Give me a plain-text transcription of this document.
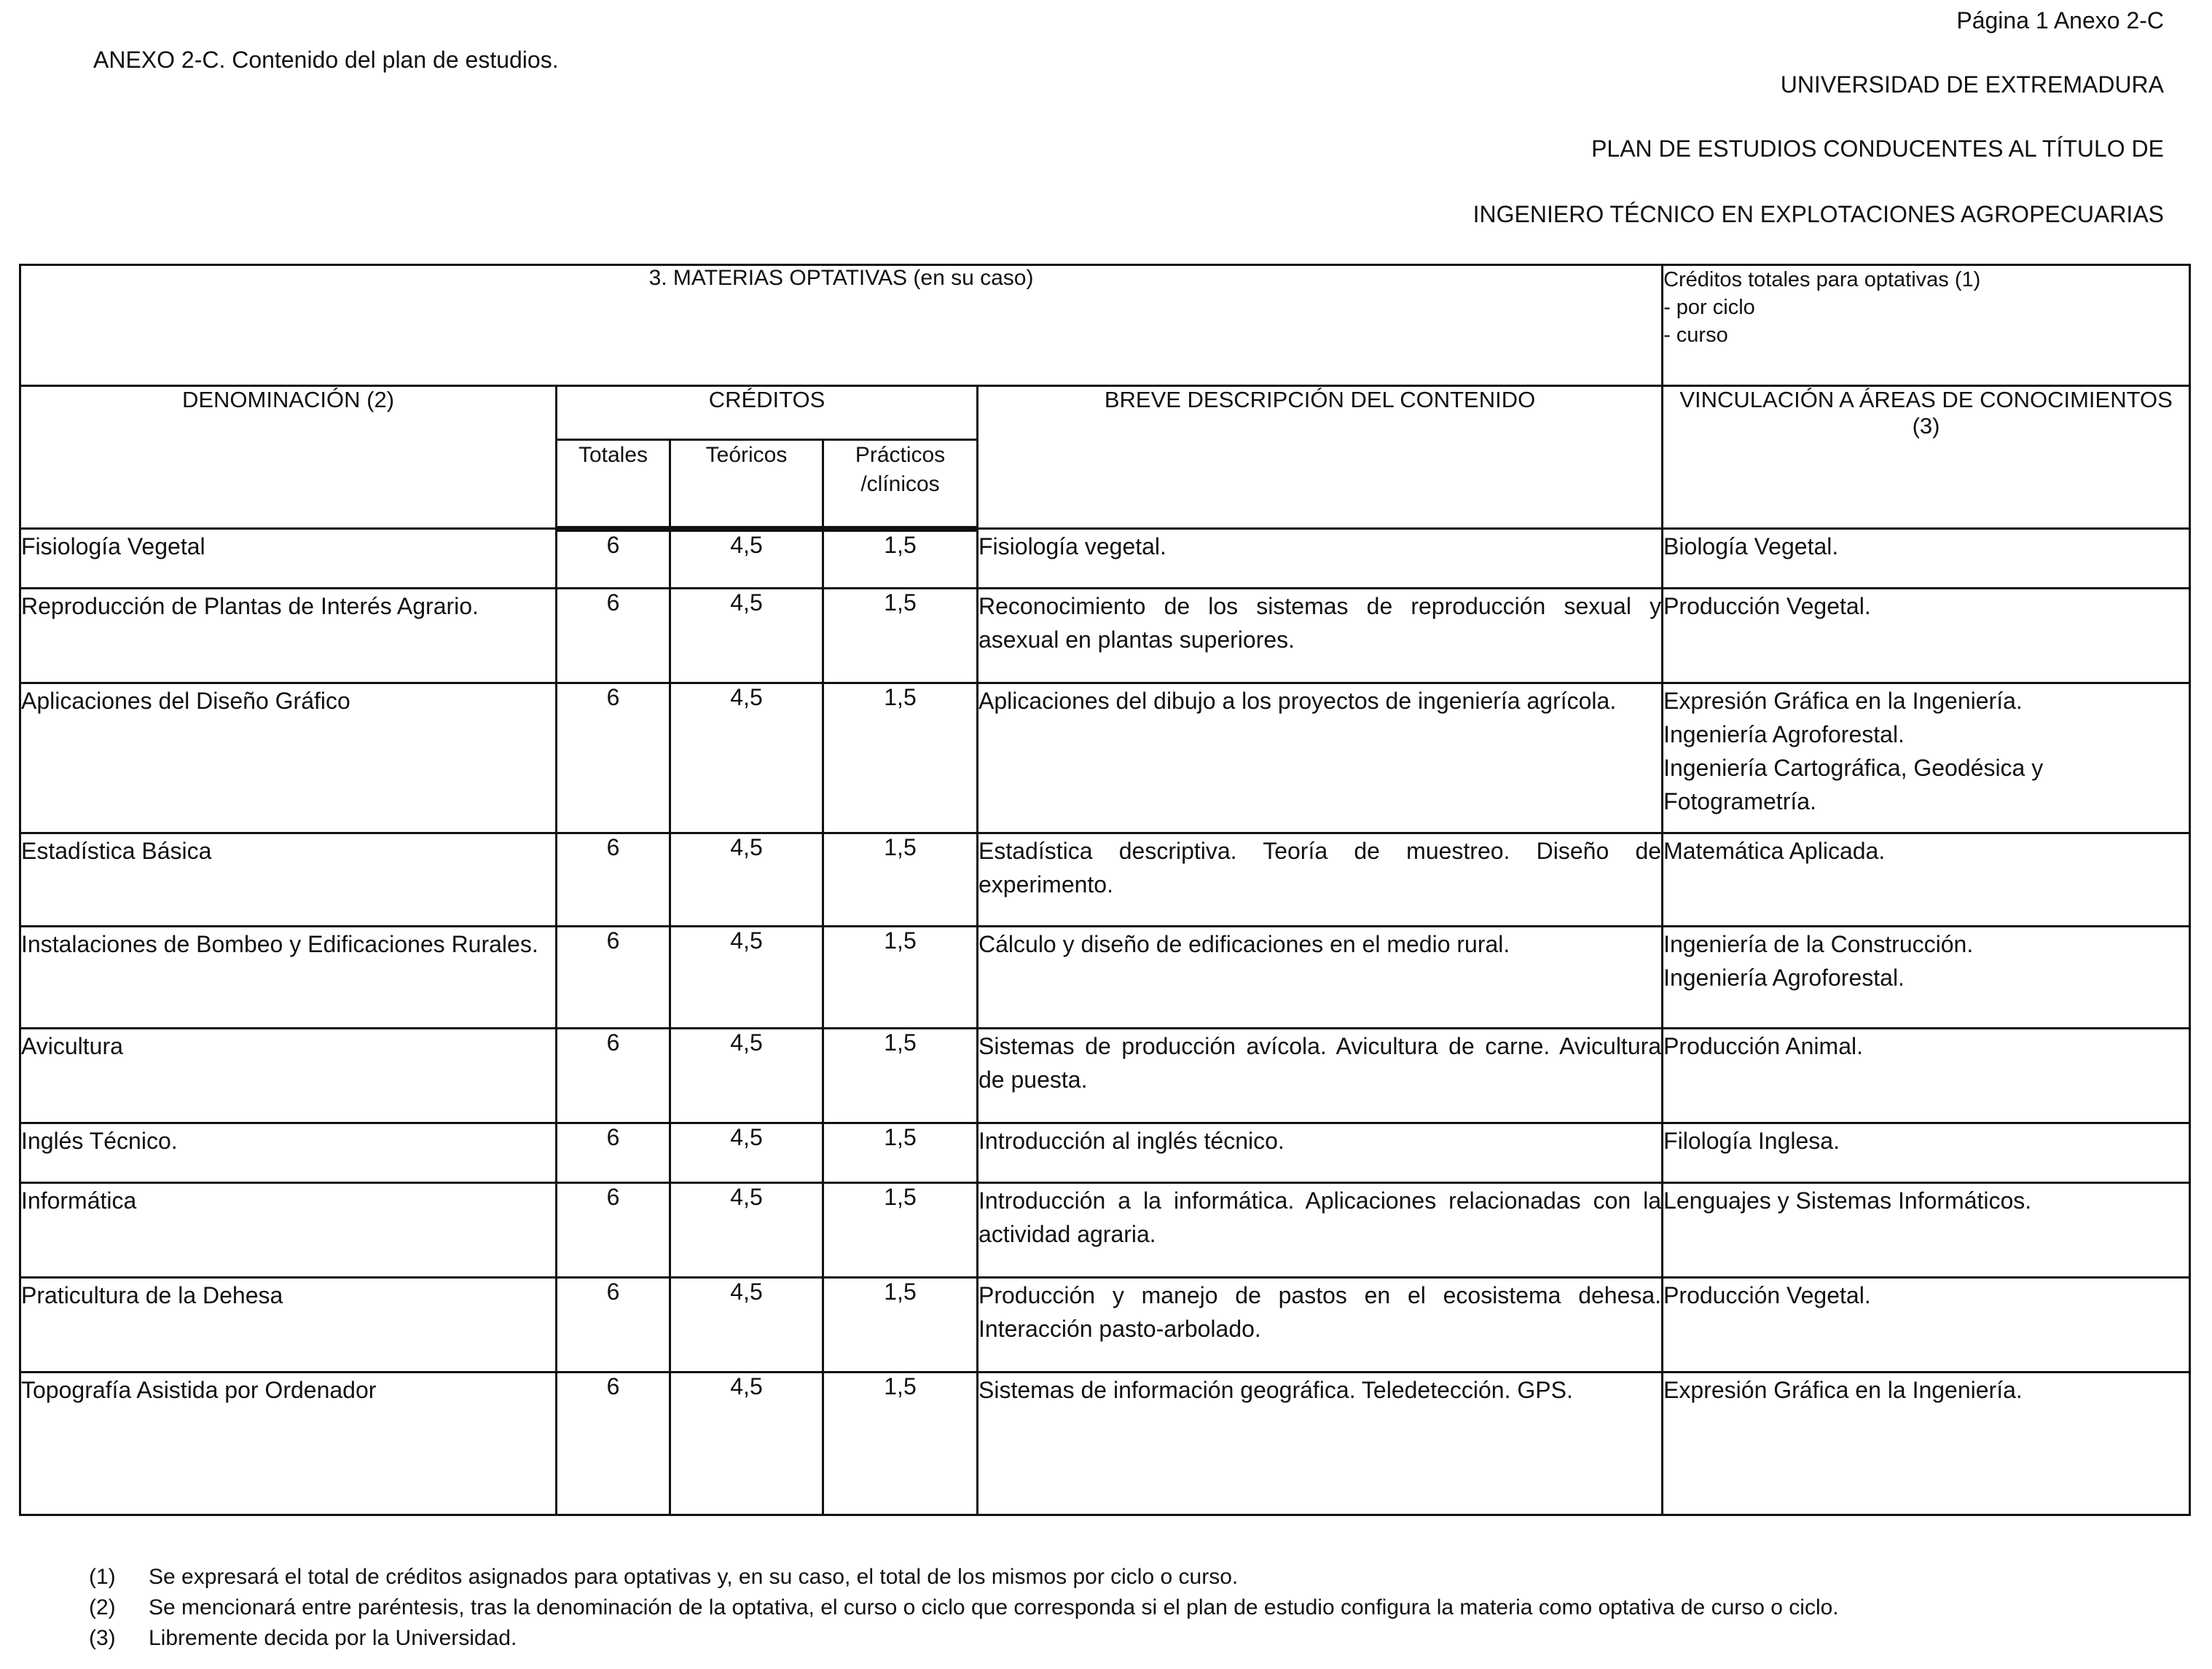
ANEXO 2-C. Contenido del plan de estudios.
Página 1 Anexo 2-C
UNIVERSIDAD DE EXTREMADURA
PLAN DE ESTUDIOS CONDUCENTES AL TÍTULO DE
INGENIERO TÉCNICO EN EXPLOTACIONES AGROPECUARIAS
3. MATERIAS OPTATIVAS (en su caso)					Créditos totales para optativas (1)
- por ciclo
- curso

DENOMINACIÓN (2)	CRÉDITOS			BREVE DESCRIPCIÓN DEL CONTENIDO	VINCULACIÓN A ÁREAS DE CONOCIMIENTOS (3)
	Totales	Teóricos	Prácticos
/clínicos		

Fisiología Vegetal	6	4,5	1,5	Fisiología vegetal.	Biología Vegetal.

Reproducción de Plantas de Interés Agrario.	6	4,5	1,5	Reconocimiento de los sistemas de reproducción sexual y asexual en plantas superiores.	Producción Vegetal.

Aplicaciones del Diseño Gráfico	6	4,5	1,5	Aplicaciones del dibujo a los proyectos de ingeniería agrícola.	Expresión Gráfica en la Ingeniería.
Ingeniería Agroforestal.
Ingeniería Cartográfica, Geodésica y Fotogrametría.

Estadística Básica	6	4,5	1,5	Estadística descriptiva. Teoría de muestreo. Diseño de experimento.	Matemática Aplicada.

Instalaciones de Bombeo y Edificaciones Rurales.	6	4,5	1,5	Cálculo y diseño de edificaciones en el medio rural.	Ingeniería de la Construcción.
Ingeniería Agroforestal.

Avicultura	6	4,5	1,5	Sistemas de producción avícola. Avicultura de carne. Avicultura de puesta.	Producción Animal.

Inglés Técnico.	6	4,5	1,5	Introducción al inglés técnico.	Filología Inglesa.

Informática	6	4,5	1,5	Introducción a la informática. Aplicaciones relacionadas con la actividad agraria.	Lenguajes y Sistemas Informáticos.

Praticultura de la Dehesa	6	4,5	1,5	Producción y manejo de pastos en el ecosistema dehesa. Interacción pasto-arbolado.	Producción Vegetal.

Topografía Asistida por Ordenador	6	4,5	1,5	Sistemas de información geográfica. Teledetección. GPS.	Expresión Gráfica en la Ingeniería.
(1) Se expresará el total de créditos asignados para optativas y, en su caso, el total de los mismos por ciclo o curso.
(2) Se mencionará entre paréntesis, tras la denominación de la optativa, el curso o ciclo que corresponda si el plan de estudio configura la materia como optativa de curso o ciclo.
(3) Libremente decida por la Universidad.
